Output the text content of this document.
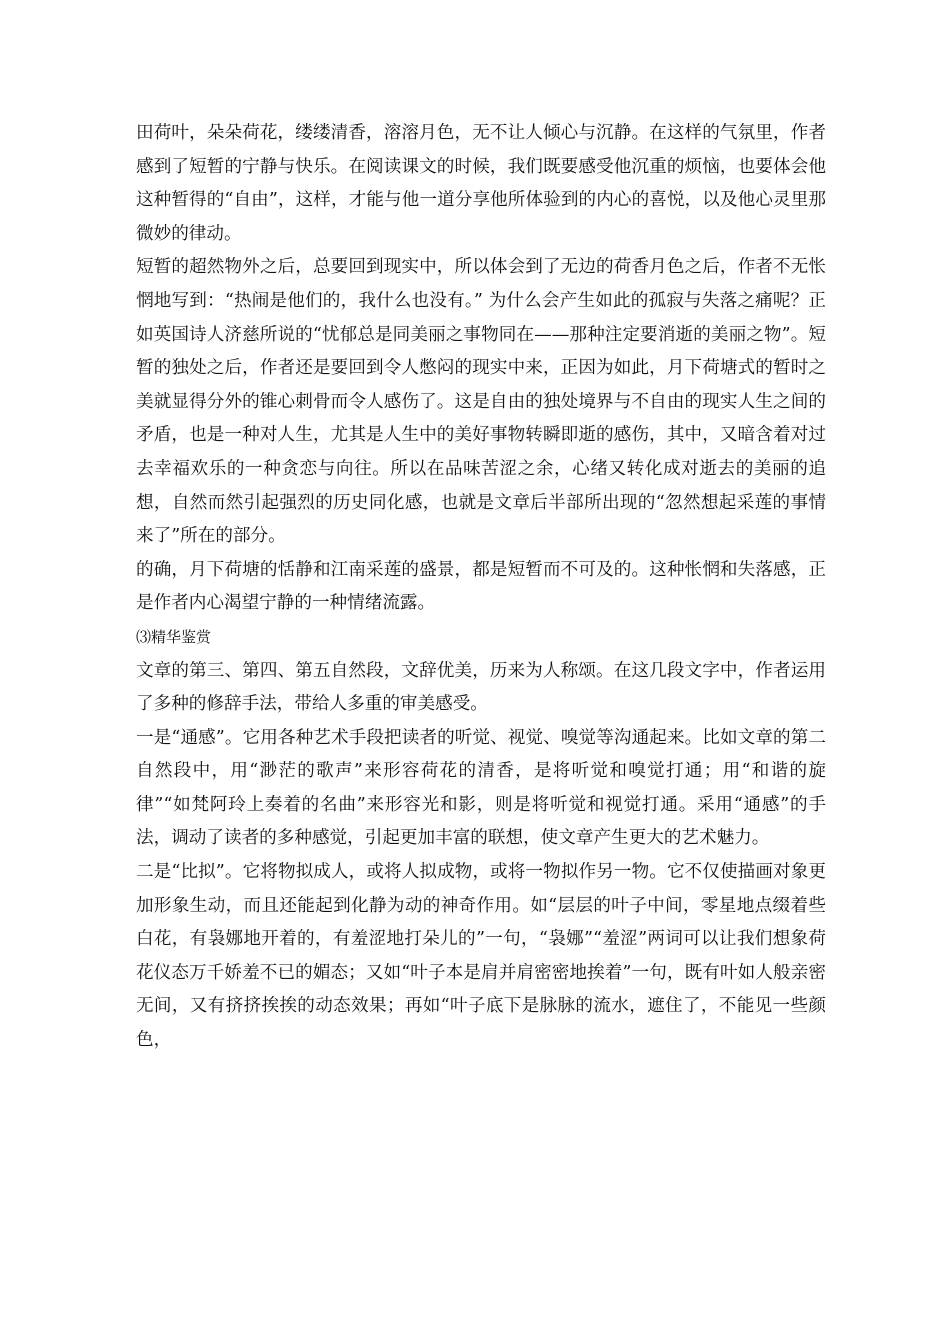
田荷叶，朵朵荷花，缕缕清香，溶溶月色，无不让人倾心与沉静。在这样的气氛里，作者感到了短暂的宁静与快乐。在阅读课文的时候，我们既要感受他沉重的烦恼，也要体会他这种暂得的“自由”，这样，才能与他一道分享他所体验到的内心的喜悦，以及他心灵里那微妙的律动。

短暂的超然物外之后，总要回到现实中，所以体会到了无边的荷香月色之后，作者不无怅惘地写到：“热闹是他们的，我什么也没有。” 为什么会产生如此的孤寂与失落之痛呢？正如英国诗人济慈所说的“忧郁总是同美丽之事物同在——那种注定要消逝的美丽之物”。短暂的独处之后，作者还是要回到令人憋闷的现实中来，正因为如此，月下荷塘式的暂时之美就显得分外的锥心刺骨而令人感伤了。这是自由的独处境界与不自由的现实人生之间的矛盾，也是一种对人生，尤其是人生中的美好事物转瞬即逝的感伤，其中，又暗含着对过去幸福欢乐的一种贪恋与向往。所以在品味苦涩之余，心绪又转化成对逝去的美丽的追想，自然而然引起强烈的历史同化感，也就是文章后半部所出现的“忽然想起采莲的事情来了”所在的部分。

的确，月下荷塘的恬静和江南采莲的盛景，都是短暂而不可及的。这种怅惘和失落感，正是作者内心渴望宁静的一种情绪流露。

⑶精华鉴赏

文章的第三、第四、第五自然段，文辞优美，历来为人称颂。在这几段文字中，作者运用了多种的修辞手法，带给人多重的审美感受。

一是“通感”。它用各种艺术手段把读者的听觉、视觉、嗅觉等沟通起来。比如文章的第二自然段中，用“渺茫的歌声”来形容荷花的清香，是将听觉和嗅觉打通；用“和谐的旋律”“如梵阿玲上奏着的名曲”来形容光和影，则是将听觉和视觉打通。采用“通感”的手法，调动了读者的多种感觉，引起更加丰富的联想，使文章产生更大的艺术魅力。

二是“比拟”。它将物拟成人，或将人拟成物，或将一物拟作另一物。它不仅使描画对象更加形象生动，而且还能起到化静为动的神奇作用。如“层层的叶子中间，零星地点缀着些白花，有袅娜地开着的，有羞涩地打朵儿的”一句，“袅娜”“羞涩”两词可以让我们想象荷花仪态万千娇羞不已的媚态；又如“叶子本是肩并肩密密地挨着”一句，既有叶如人般亲密无间，又有挤挤挨挨的动态效果；再如“叶子底下是脉脉的流水，遮住了，不能见一些颜色，
